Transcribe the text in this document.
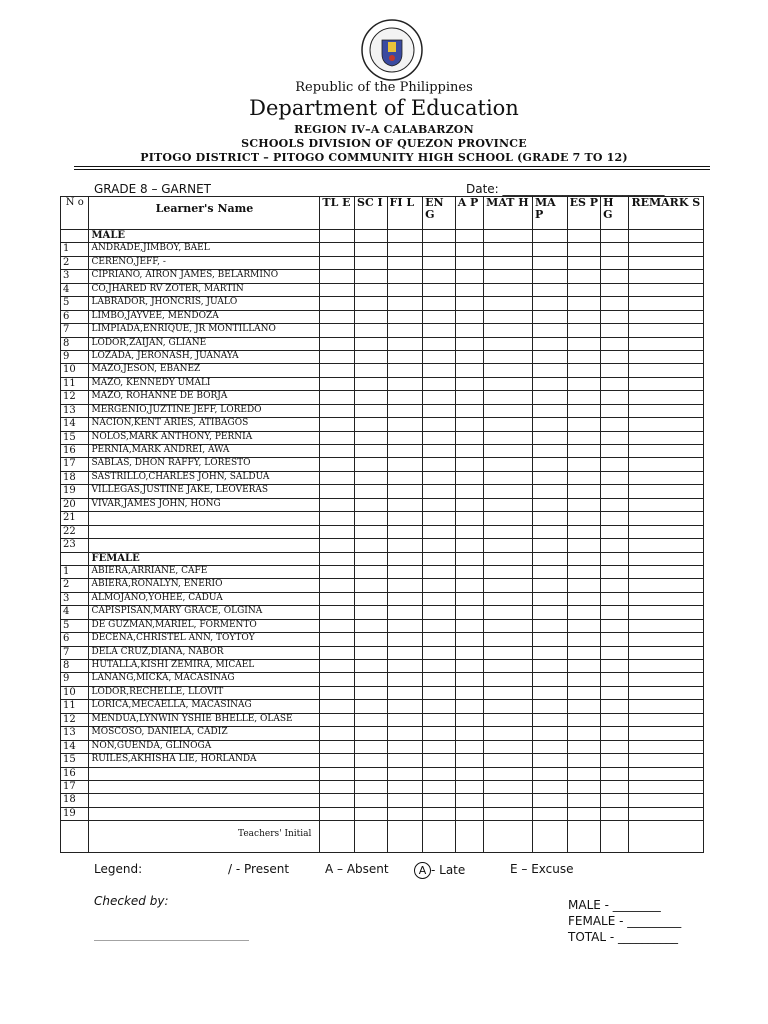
Republic of the Philippines
Department of Education
REGION IV–A CALABARZON
SCHOOLS DIVISION OF QUEZON PROVINCE
PITOGO DISTRICT – PITOGO COMMUNITY HIGH SCHOOL (GRADE 7 TO 12)
GRADE 8 – GARNET	Date: ___________________________
N o	Learner's Name	TL E	SC I	FI L	EN G	A P	MAT H	MA P	ES P	H G	REMARK S
	MALE										
1	ANDRADE,JIMBOY, BAEL										
2	CERENO,JEFF, -										
3	CIPRIANO, AIRON JAMES, BELARMINO										
4	CO,JHARED RV ZOTER, MARTIN										
5	LABRADOR, JHONCRIS, JUALO										
6	LIMBO,JAYVEE, MENDOZA										
7	LIMPIADA,ENRIQUE, JR MONTILLANO										
8	LODOR,ZAIJAN, GLIANE										
9	LOZADA, JERONASH, JUANAYA										
10	MAZO,JESON, EBAÑEZ										
11	MAZO, KENNEDY UMALI										
12	MAZO, ROHANNE DE BORJA										
13	MERGENIO,JUZTINE JEFF, LOREDO										
14	NACION,KENT ARIES, ATIBAGOS										
15	NOLOS,MARK ANTHONY, PERNIA										
16	PERNIA,MARK ANDREI, AWA										
17	SABLAS, DHON RAFFY, LORESTO										
18	SASTRILLO,CHARLES JOHN, SALDUA										
19	VILLEGAS,JUSTINE JAKE, LEOVERAS										
20	VIVAR,JAMES JOHN, HONG										
21											
22											
23											
	FEMALE										
1	ABIERA,ARRIANE, CAFE										
2	ABIERA,RONALYN, ENERIO										
3	ALMOJANO,YOHEE, CADUA										
4	CAPISPISAN,MARY GRACE, OLGINA										
5	DE GUZMAN,MARIEL, FORMENTO										
6	DECENA,CHRISTEL ANN, TOYTOY										
7	DELA CRUZ,DIANA, NABOR										
8	HUTALLA,KISHI ZEMIRA, MICAEL										
9	LANANG,MICKA, MACASINAG										
10	LODOR,RECHELLE, LLOVIT										
11	LORICA,MECAELLA, MACASINAG										
12	MENDUA,LYNWIN YSHIE BHELLE, OLASE										
13	MOSCOSO, DANIELA, CADIZ										
14	NON,GUENDA, GLINOGA										
15	RUILES,AKHISHA LIE, HORLANDA										
16											
17											
18											
19											

	Teachers' Initial										

Legend:	/ - Present	A – Absent	A - Late	E – Excuse
Checked by:
_______________________________
MALE - ________
FEMALE - _________
TOTAL - __________
